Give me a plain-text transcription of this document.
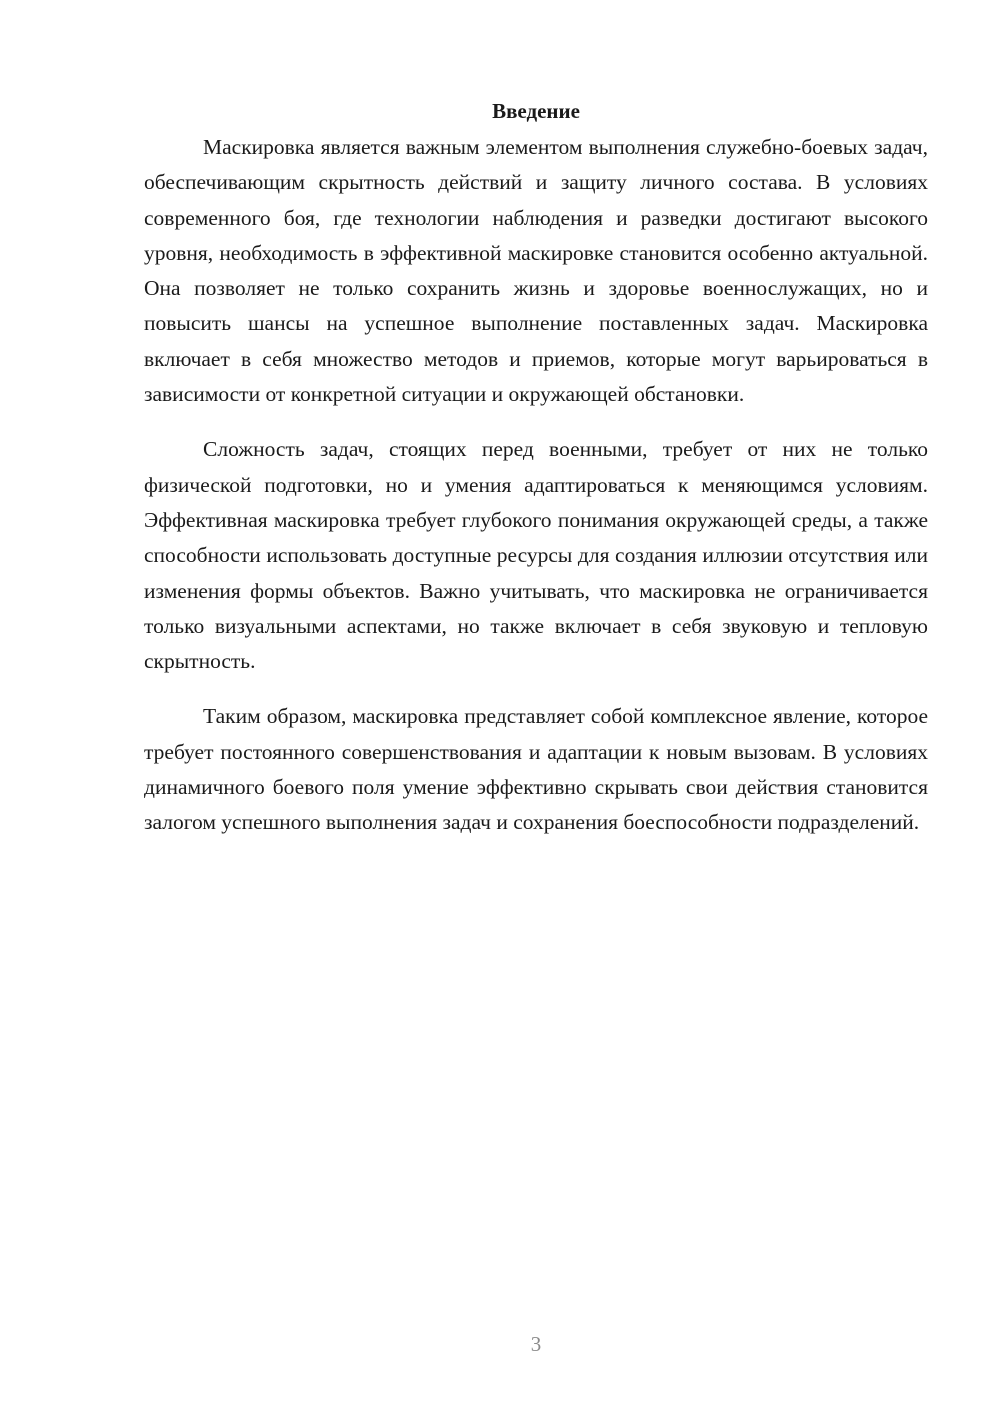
Введение

Маскировка является важным элементом выполнения служебно-боевых задач, обеспечивающим скрытность действий и защиту личного состава. В условиях современного боя, где технологии наблюдения и разведки достигают высокого уровня, необходимость в эффективной маскировке становится особенно актуальной. Она позволяет не только сохранить жизнь и здоровье военнослужащих, но и повысить шансы на успешное выполнение поставленных задач. Маскировка включает в себя множество методов и приемов, которые могут варьироваться в зависимости от конкретной ситуации и окружающей обстановки.

Сложность задач, стоящих перед военными, требует от них не только физической подготовки, но и умения адаптироваться к меняющимся условиям. Эффективная маскировка требует глубокого понимания окружающей среды, а также способности использовать доступные ресурсы для создания иллюзии отсутствия или изменения формы объектов. Важно учитывать, что маскировка не ограничивается только визуальными аспектами, но также включает в себя звуковую и тепловую скрытность.

Таким образом, маскировка представляет собой комплексное явление, которое требует постоянного совершенствования и адаптации к новым вызовам. В условиях динамичного боевого поля умение эффективно скрывать свои действия становится залогом успешного выполнения задач и сохранения боеспособности подразделений.

3
